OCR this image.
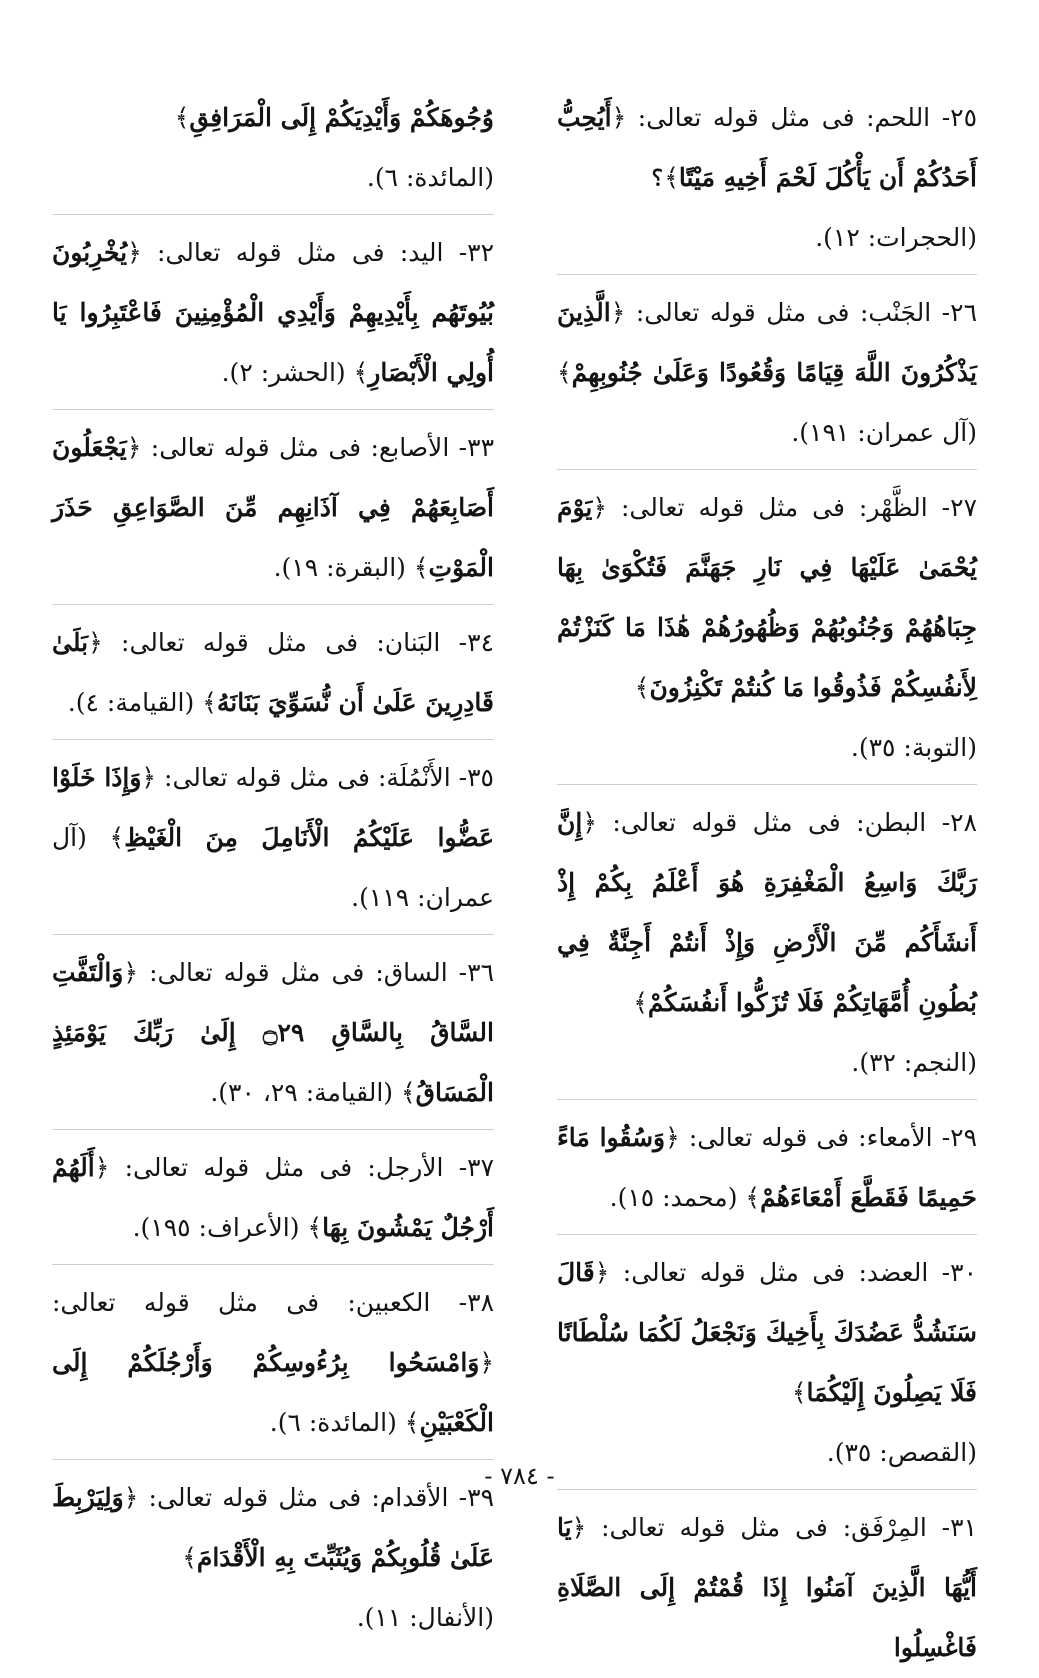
٢٥- اللحم: فى مثل قوله تعالى: ﴿أَيُحِبُّ أَحَدُكُمْ أَن يَأْكُلَ لَحْمَ أَخِيهِ مَيْتًا﴾؟
(الحجرات: ١٢).
٢٦- الجَنْب: فى مثل قوله تعالى: ﴿الَّذِينَ يَذْكُرُونَ اللَّهَ قِيَامًا وَقُعُودًا وَعَلَىٰ جُنُوبِهِمْ﴾ (آل عمران: ١٩١).
٢٧- الظَّهْر: فى مثل قوله تعالى: ﴿يَوْمَ يُحْمَىٰ عَلَيْهَا فِي نَارِ جَهَنَّمَ فَتُكْوَىٰ بِهَا جِبَاهُهُمْ وَجُنُوبُهُمْ وَظُهُورُهُمْ هَٰذَا مَا كَنَزْتُمْ لِأَنفُسِكُمْ فَذُوقُوا مَا كُنتُمْ تَكْنِزُونَ﴾
(التوبة: ٣٥).
٢٨- البطن: فى مثل قوله تعالى: ﴿إِنَّ رَبَّكَ وَاسِعُ الْمَغْفِرَةِ هُوَ أَعْلَمُ بِكُمْ إِذْ أَنشَأَكُم مِّنَ الْأَرْضِ وَإِذْ أَنتُمْ أَجِنَّةٌ فِي بُطُونِ أُمَّهَاتِكُمْ فَلَا تُزَكُّوا أَنفُسَكُمْ﴾
(النجم: ٣٢).
٢٩- الأمعاء: فى قوله تعالى: ﴿وَسُقُوا مَاءً حَمِيمًا فَقَطَّعَ أَمْعَاءَهُمْ﴾ (محمد: ١٥).
٣٠- العضد: فى مثل قوله تعالى: ﴿قَالَ سَنَشُدُّ عَضُدَكَ بِأَخِيكَ وَنَجْعَلُ لَكُمَا سُلْطَانًا فَلَا يَصِلُونَ إِلَيْكُمَا﴾
(القصص: ٣٥).
٣١- المِرْفَق: فى مثل قوله تعالى: ﴿يَا أَيُّهَا الَّذِينَ آمَنُوا إِذَا قُمْتُمْ إِلَى الصَّلَاةِ فَاغْسِلُوا
وُجُوهَكُمْ وَأَيْدِيَكُمْ إِلَى الْمَرَافِقِ﴾
(المائدة: ٦).
٣٢- اليد: فى مثل قوله تعالى: ﴿يُخْرِبُونَ بُيُوتَهُم بِأَيْدِيهِمْ وَأَيْدِي الْمُؤْمِنِينَ فَاعْتَبِرُوا يَا أُولِي الْأَبْصَارِ﴾ (الحشر: ٢).
٣٣- الأصابع: فى مثل قوله تعالى: ﴿يَجْعَلُونَ أَصَابِعَهُمْ فِي آذَانِهِم مِّنَ الصَّوَاعِقِ حَذَرَ الْمَوْتِ﴾ (البقرة: ١٩).
٣٤- البَنان: فى مثل قوله تعالى: ﴿بَلَىٰ قَادِرِينَ عَلَىٰ أَن نُّسَوِّيَ بَنَانَهُ﴾ (القيامة: ٤).
٣٥- الأَنْمُلَة: فى مثل قوله تعالى: ﴿وَإِذَا خَلَوْا عَضُّوا عَلَيْكُمُ الْأَنَامِلَ مِنَ الْغَيْظِ﴾ (آل عمران: ١١٩).
٣٦- الساق: فى مثل قوله تعالى: ﴿وَالْتَفَّتِ السَّاقُ بِالسَّاقِ ۝٢٩ إِلَىٰ رَبِّكَ يَوْمَئِذٍ الْمَسَاقُ﴾ (القيامة: ٢٩، ٣٠).
٣٧- الأرجل: فى مثل قوله تعالى: ﴿أَلَهُمْ أَرْجُلٌ يَمْشُونَ بِهَا﴾ (الأعراف: ١٩٥).
٣٨- الكعبين: فى مثل قوله تعالى: ﴿وَامْسَحُوا بِرُءُوسِكُمْ وَأَرْجُلَكُمْ إِلَى الْكَعْبَيْنِ﴾ (المائدة: ٦).
٣٩- الأقدام: فى مثل قوله تعالى: ﴿وَلِيَرْبِطَ عَلَىٰ قُلُوبِكُمْ وَيُثَبِّتَ بِهِ الْأَقْدَامَ﴾
(الأنفال: ١١).
- ٧٨٤ -
